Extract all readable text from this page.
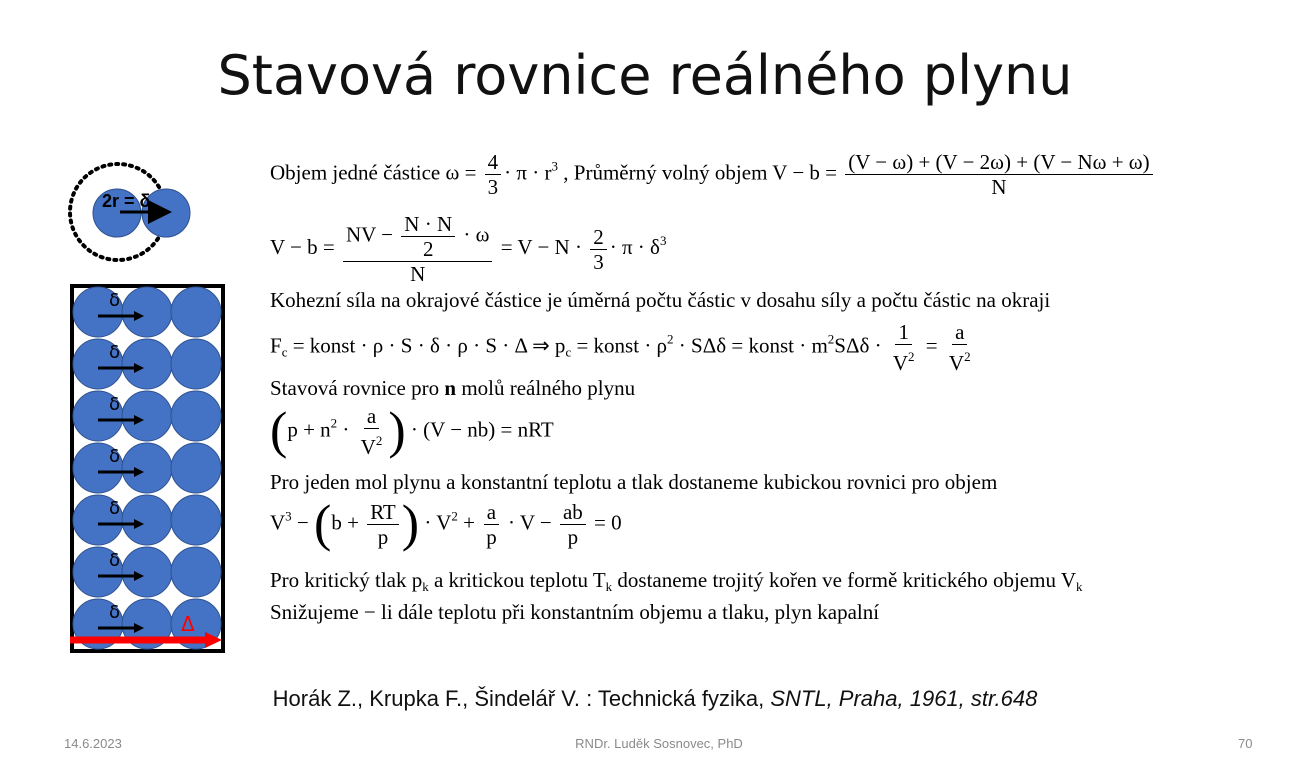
Stavová rovnice reálného plynu
2r = δ
δ
δ
δ
δ
δ
δ
δ	Δ
Objem jedné částice $\omega = \frac{4}{3} \cdot \pi \cdot r^3$ , Průměrný volný objem $V - b = \frac{(V - \omega) + (V - 2\omega) + (V - N\omega + \omega)}{N}$
$V - b = \frac{NV - \frac{N \cdot N}{2} \cdot \omega}{N} = V - N \cdot \frac{2}{3} \cdot \pi \cdot \delta^3$
Kohezní síla na okrajové částice je úměrná počtu částic v dosahu síly a počtu částic na okraji
$F_c$ = konst · ρ · S · δ · ρ · S · Δ ⇒ $p_c$ = konst · $\rho^2 \cdot S\Delta\delta$ = konst · $m^2S\Delta\delta \cdot \frac{1}{V^2} = \frac{a}{V^2}$
Stavová rovnice pro n molů reálného plynu
($p + n^2 \cdot \frac{a}{V^2}$ ) · (V − nb) = nRT
Pro jeden mol plynu a konstantní teplotu a tlak dostaneme kubickou rovnici pro objem
$V^3 - (b + \frac{RT}{p}$ ) · $V^2 + \frac{a}{p} \cdot V - \frac{ab}{p} = 0$
Pro kritický tlak $p_k$ a kritickou teplotu $T_k$ dostaneme trojitý kořen ve formě kritického objemu $V_k$
Snižujeme − li dále teplotu při konstantním objemu a tlaku, plyn kapalní
Horák Z., Krupka F., Šindelář V. : Technická fyzika, SNTL, Praha, 1961, str.648
14.6.2023	RNDr. Luděk Sosnovec, PhD	70
